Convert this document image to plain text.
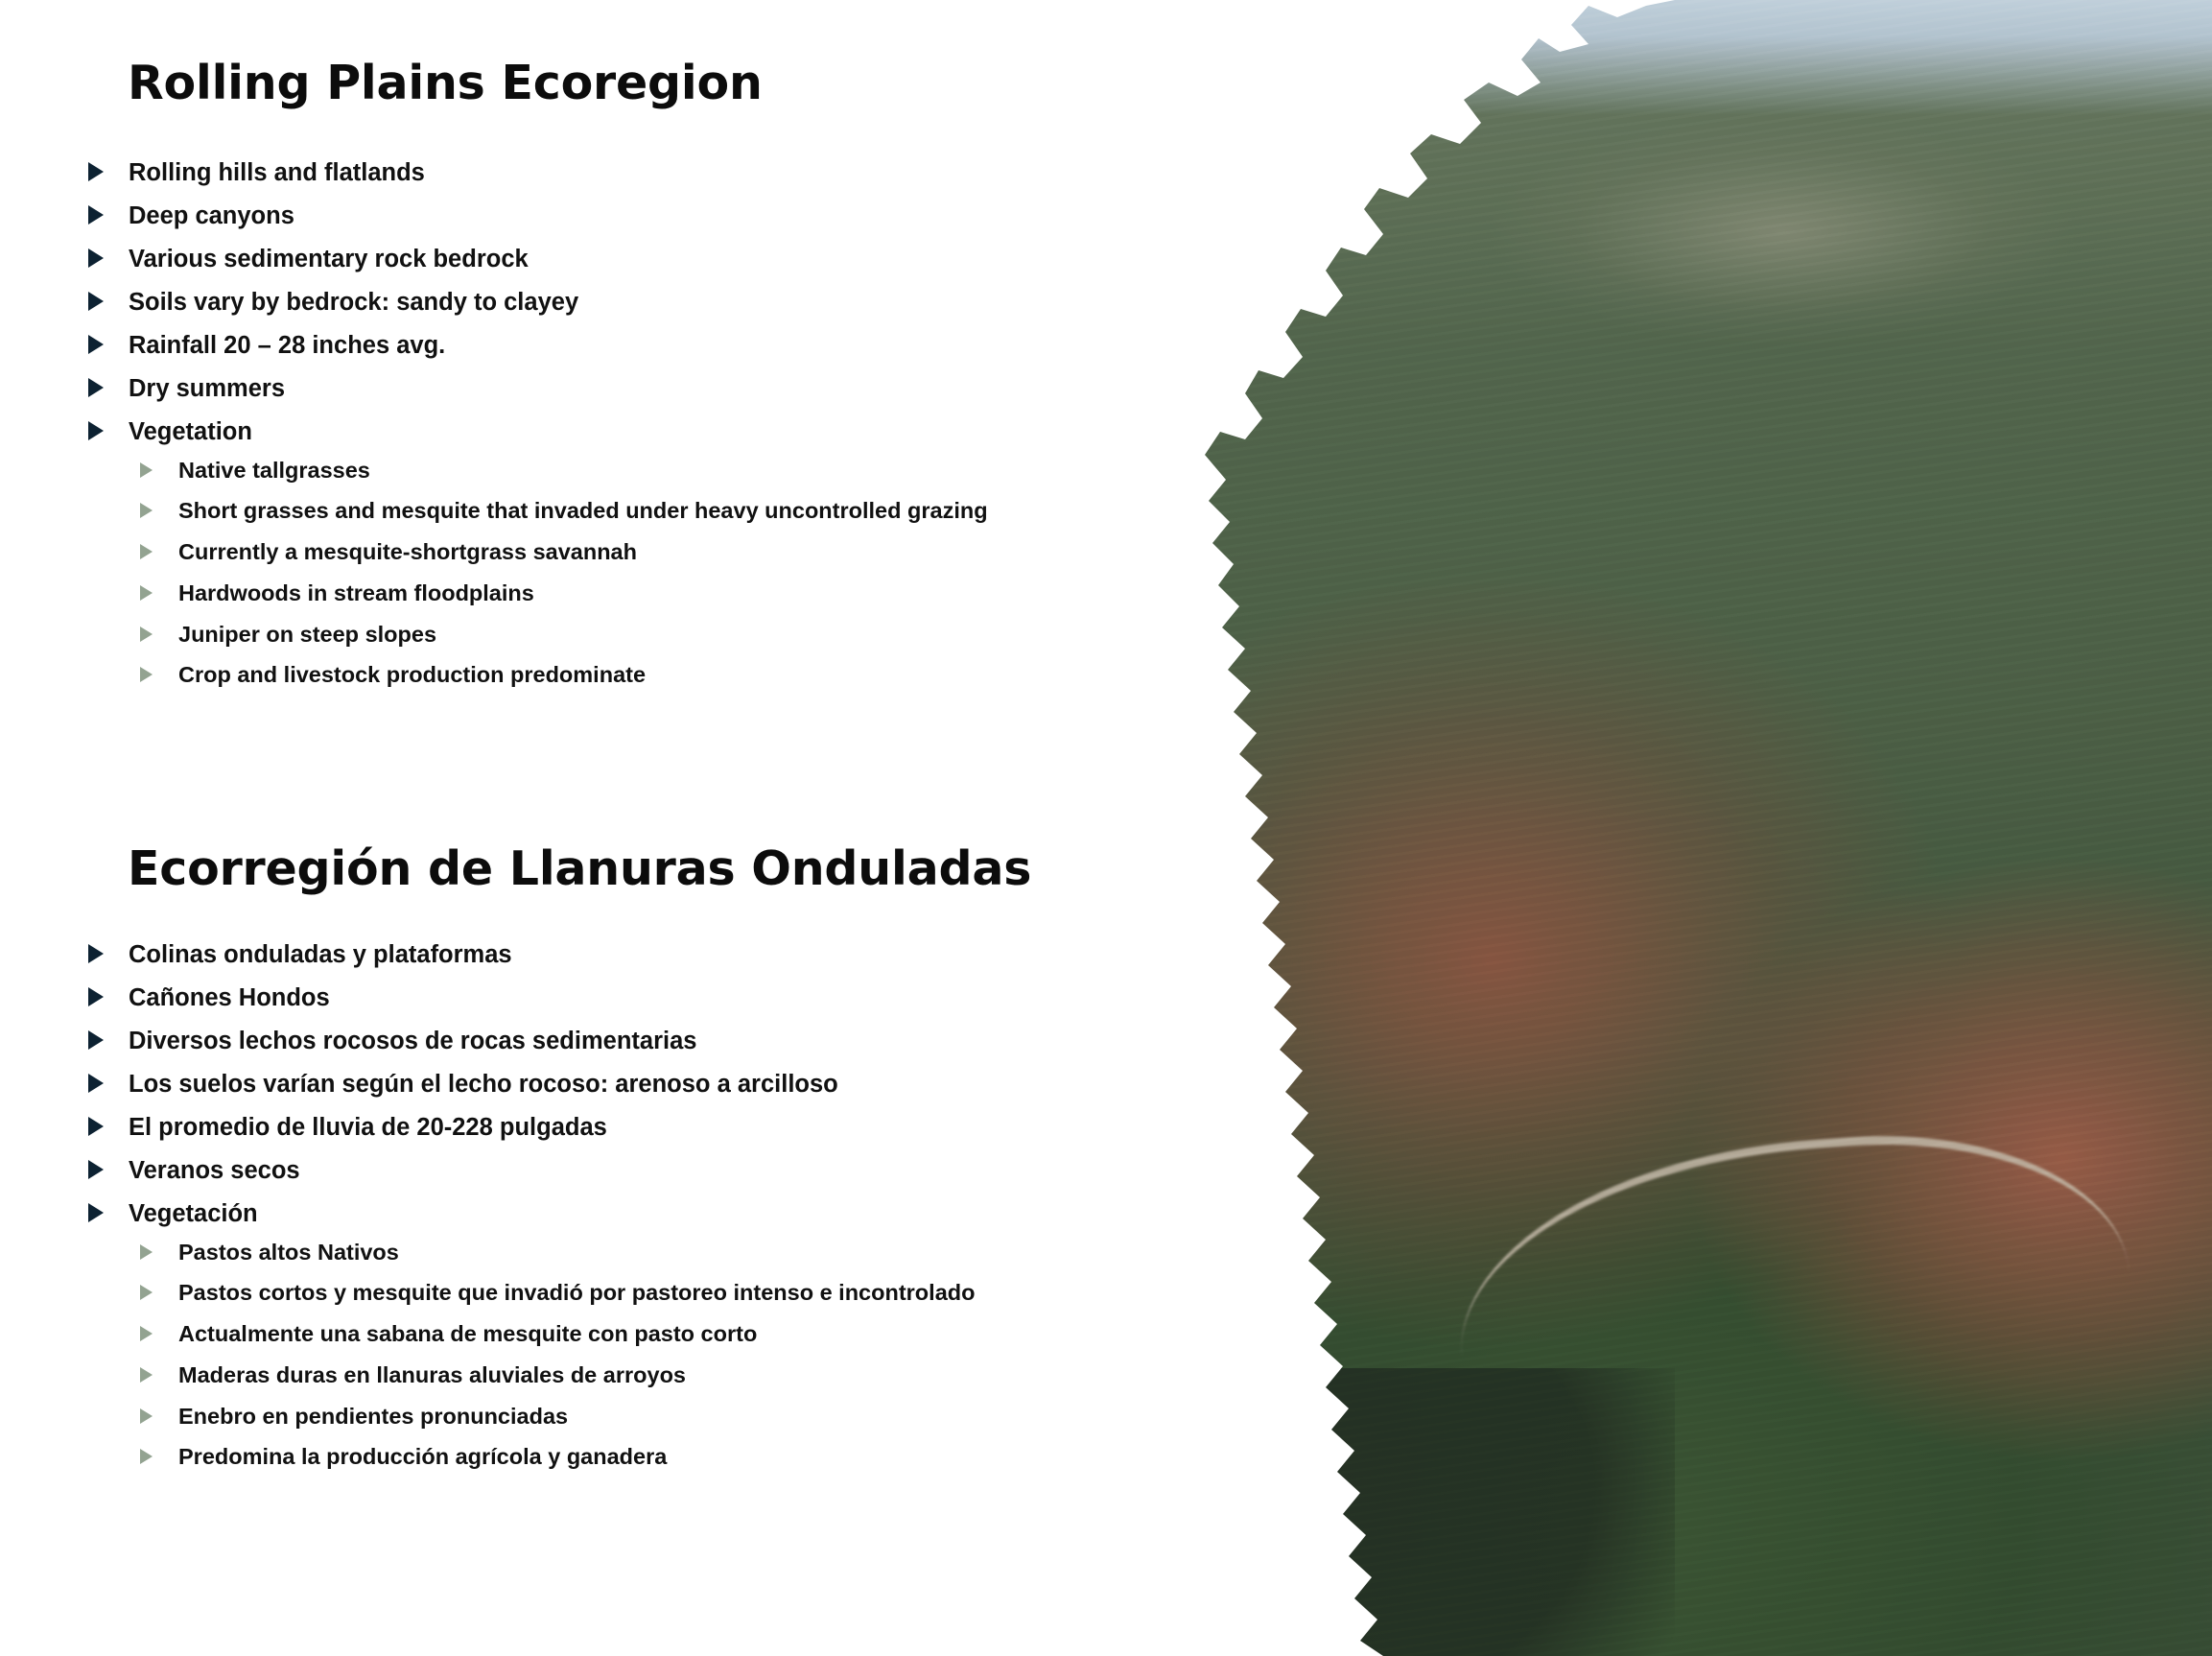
Rolling Plains Ecoregion
Rolling hills and flatlands
Deep canyons
Various sedimentary rock bedrock
Soils vary by bedrock: sandy to clayey
Rainfall 20 – 28 inches avg.
Dry summers
Vegetation
Native tallgrasses
Short grasses and mesquite that invaded under heavy uncontrolled grazing
Currently a mesquite-shortgrass savannah
Hardwoods in stream floodplains
Juniper on steep slopes
Crop and livestock production predominate
Ecorregión de Llanuras Onduladas
Colinas onduladas y plataformas
Cañones Hondos
Diversos lechos rocosos de rocas sedimentarias
Los suelos varían según el lecho rocoso: arenoso a arcilloso
El promedio de lluvia de 20-228 pulgadas
Veranos secos
Vegetación
Pastos altos Nativos
Pastos cortos y mesquite que invadió por pastoreo intenso e incontrolado
Actualmente una sabana de mesquite con pasto corto
Maderas duras en llanuras aluviales de arroyos
Enebro en pendientes pronunciadas
Predomina la producción agrícola y ganadera
